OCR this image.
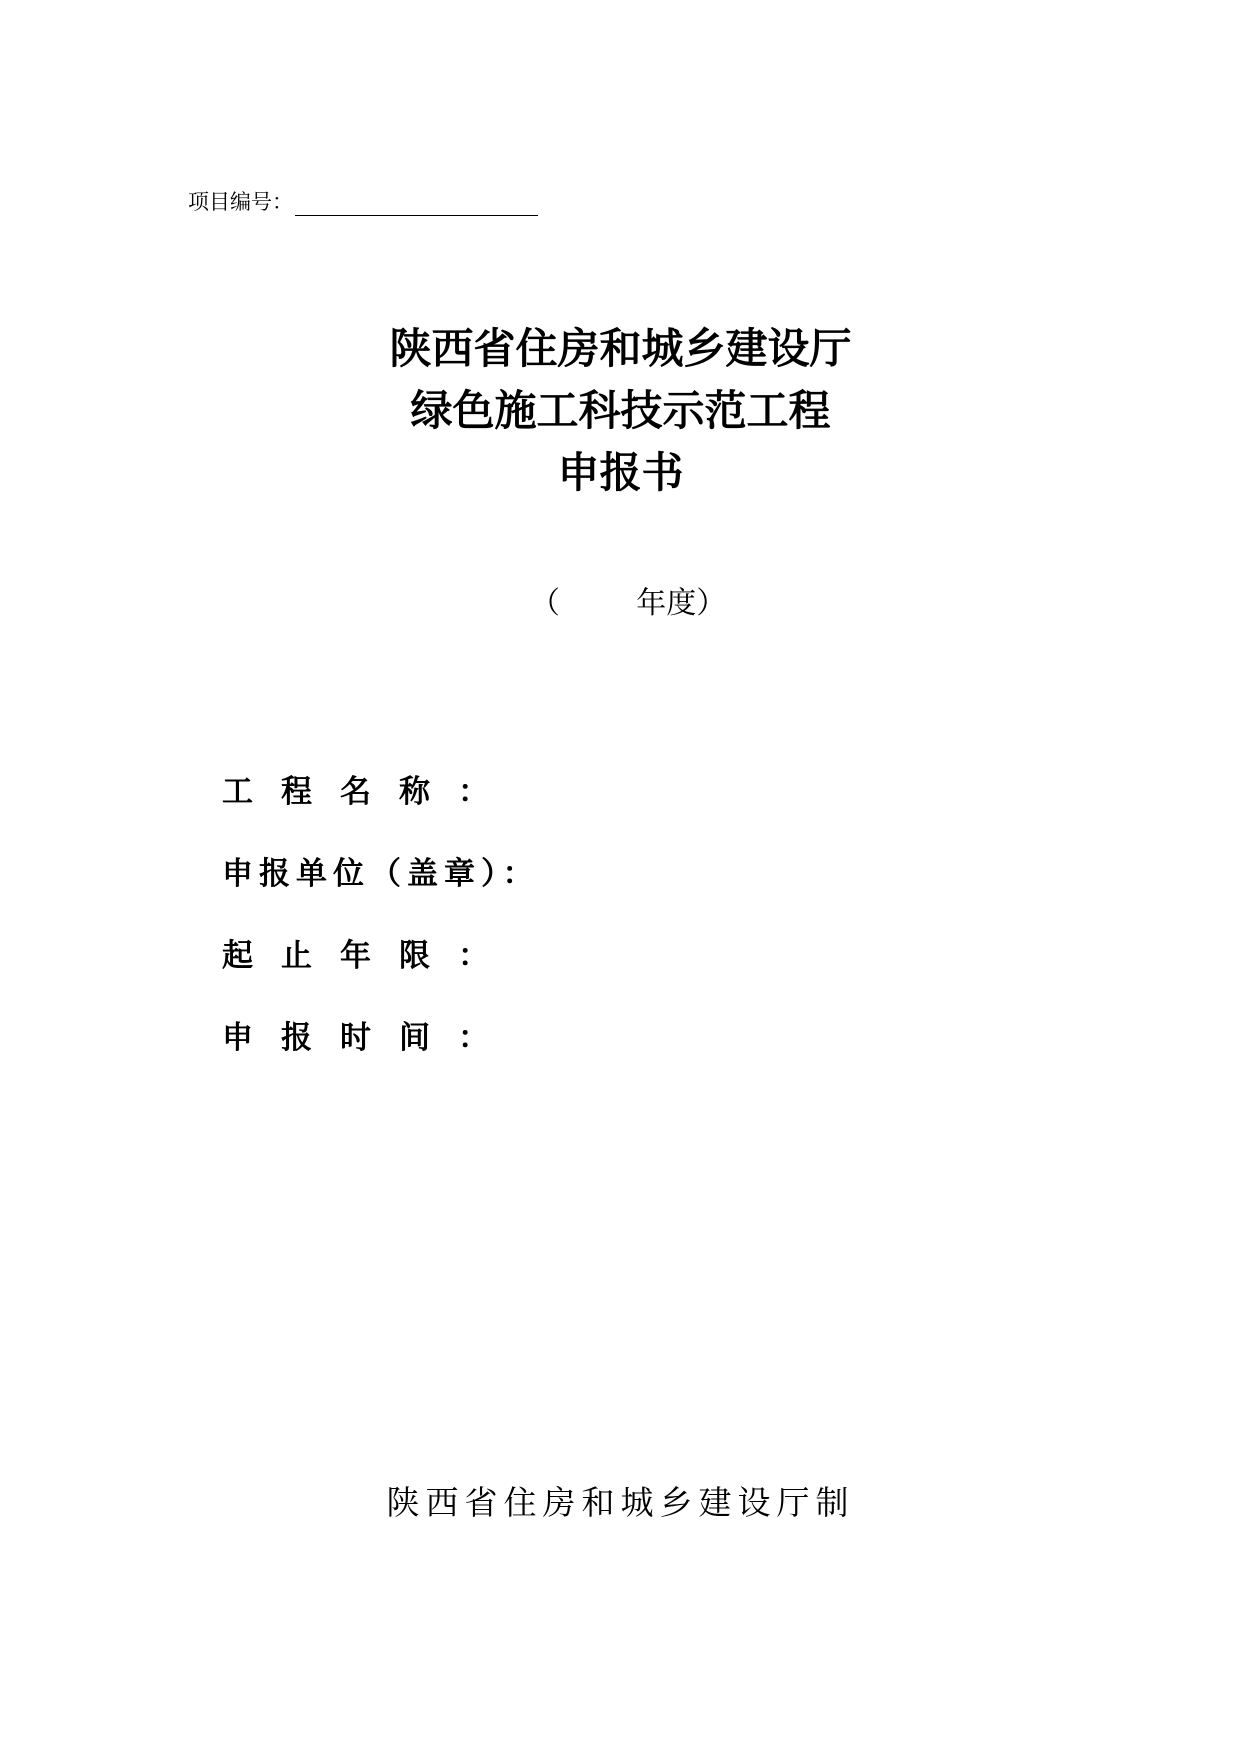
项目编号：
陕西省住房和城乡建设厅
绿色施工科技示范工程
申报书
（        年度）
工程名称：
申报单位（盖章）：
起止年限：
申报时间：
陕西省住房和城乡建设厅制
